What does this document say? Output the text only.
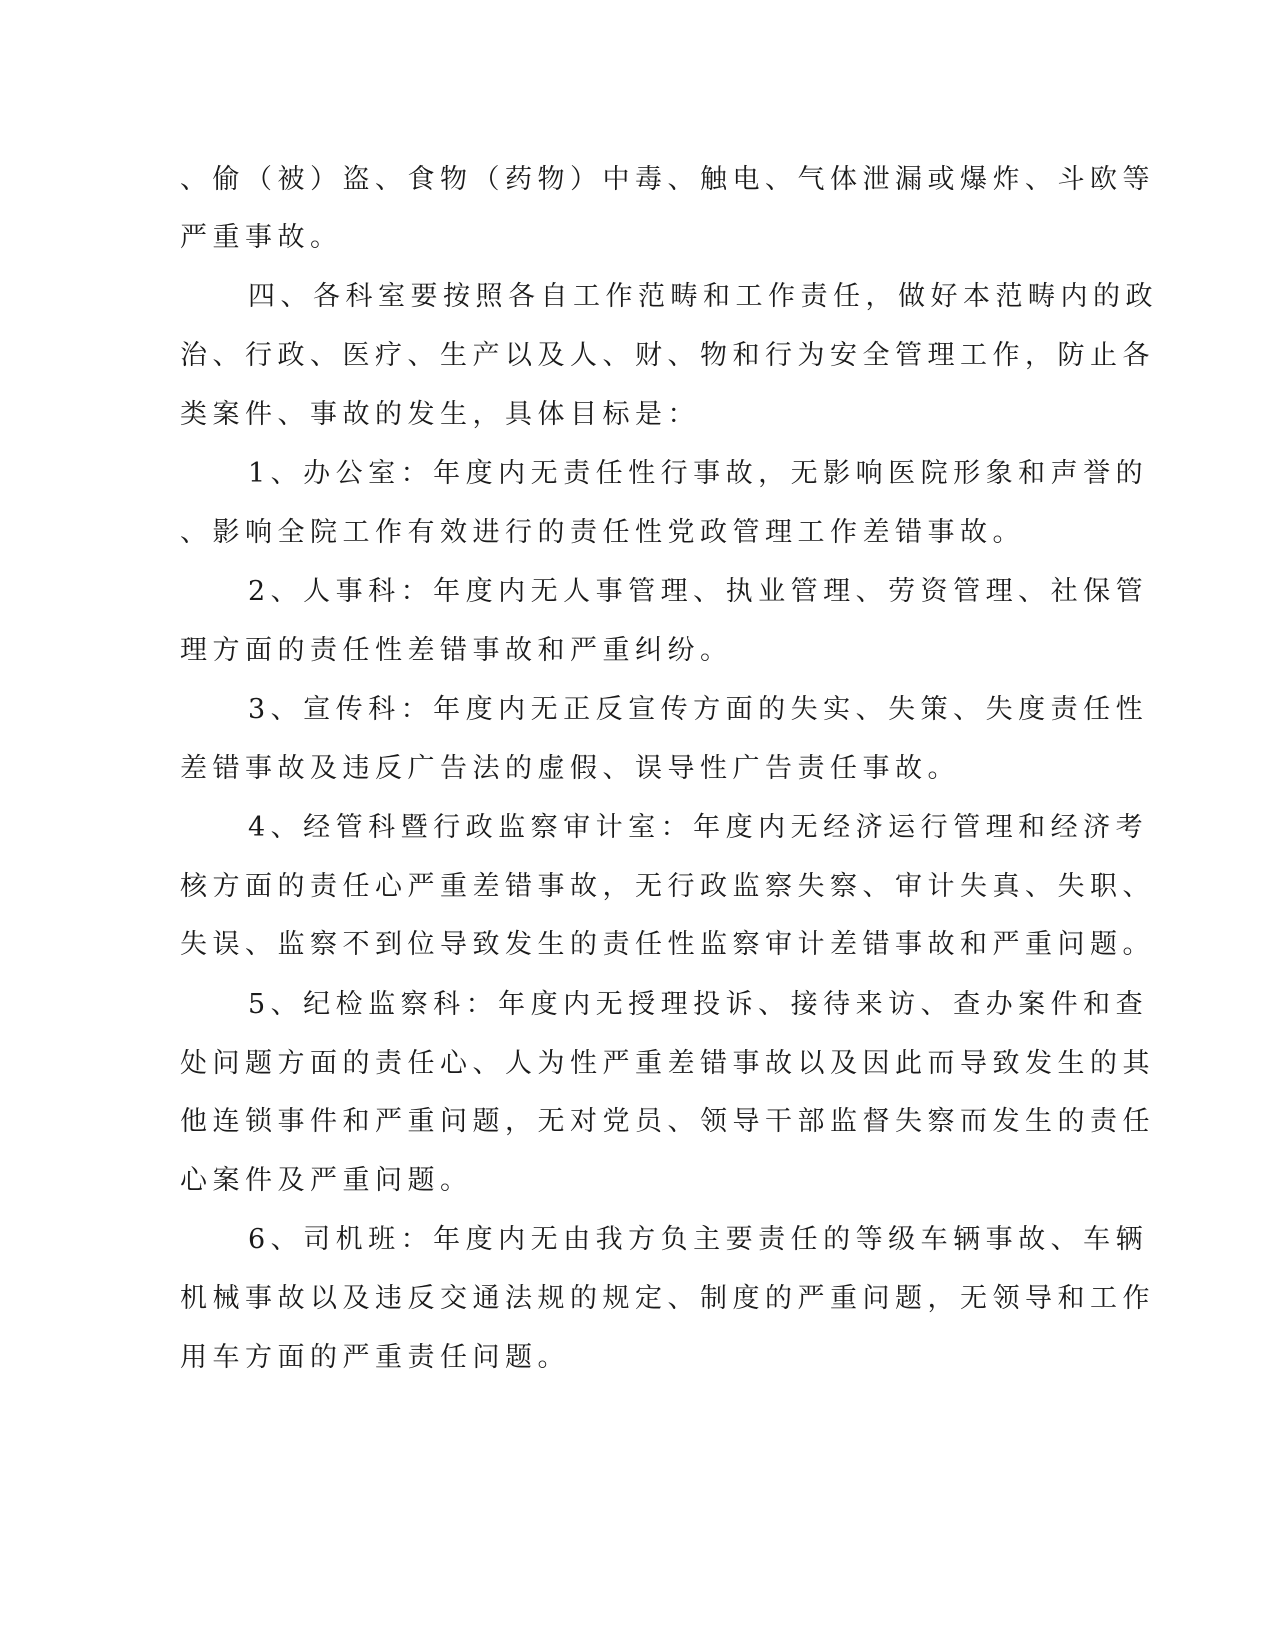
、偷（被）盗、食物（药物）中毒、触电、气体泄漏或爆炸、斗欧等
严重事故。
四、各科室要按照各自工作范畴和工作责任，做好本范畴内的政
治、行政、医疗、生产以及人、财、物和行为安全管理工作，防止各
类案件、事故的发生，具体目标是：
1、办公室：年度内无责任性行事故，无影响医院形象和声誉的
、影响全院工作有效进行的责任性党政管理工作差错事故。
2、人事科：年度内无人事管理、执业管理、劳资管理、社保管
理方面的责任性差错事故和严重纠纷。
3、宣传科：年度内无正反宣传方面的失实、失策、失度责任性
差错事故及违反广告法的虚假、误导性广告责任事故。
4、经管科暨行政监察审计室：年度内无经济运行管理和经济考
核方面的责任心严重差错事故，无行政监察失察、审计失真、失职、
失误、监察不到位导致发生的责任性监察审计差错事故和严重问题。
5、纪检监察科：年度内无授理投诉、接待来访、查办案件和查
处问题方面的责任心、人为性严重差错事故以及因此而导致发生的其
他连锁事件和严重问题，无对党员、领导干部监督失察而发生的责任
心案件及严重问题。
6、司机班：年度内无由我方负主要责任的等级车辆事故、车辆
机械事故以及违反交通法规的规定、制度的严重问题，无领导和工作
用车方面的严重责任问题。
